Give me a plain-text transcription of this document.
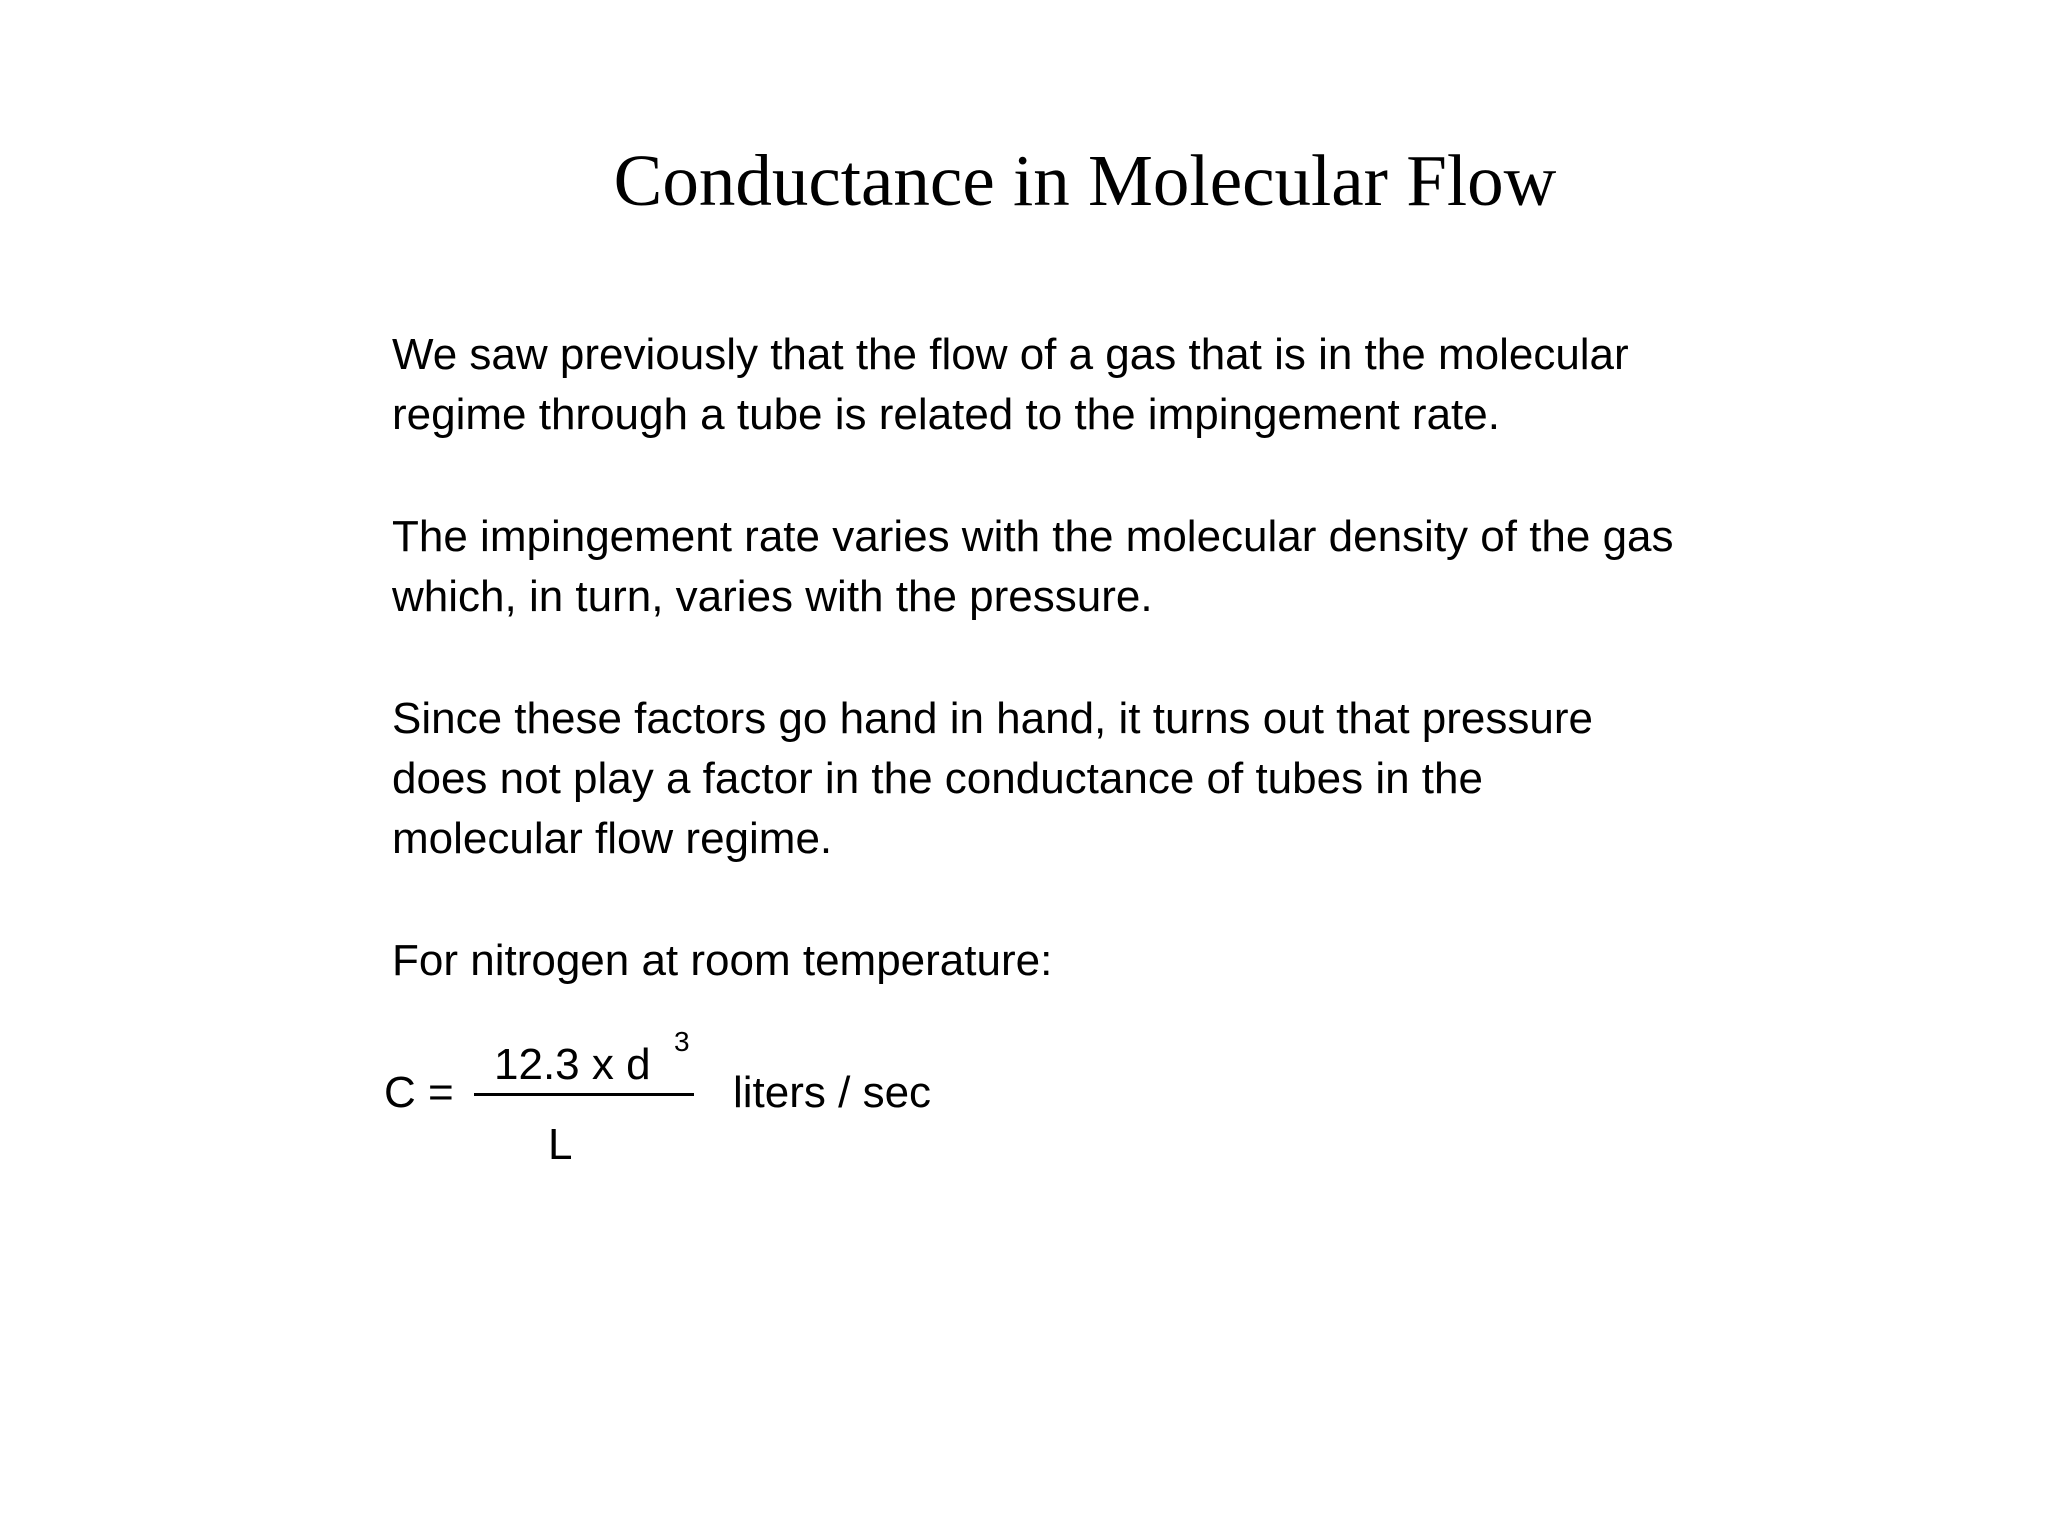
Conductance in Molecular Flow

We saw previously that the flow of a gas that is in the molecular
regime through a tube is related to the impingement rate.

The impingement rate varies with the molecular density of the gas
which, in turn, varies with the pressure.

Since these factors go hand in hand, it turns out that pressure
does not play a factor in the conductance of tubes in the
molecular flow regime.

For nitrogen at room temperature:

C =
12.3 x d 3
L
liters / sec
